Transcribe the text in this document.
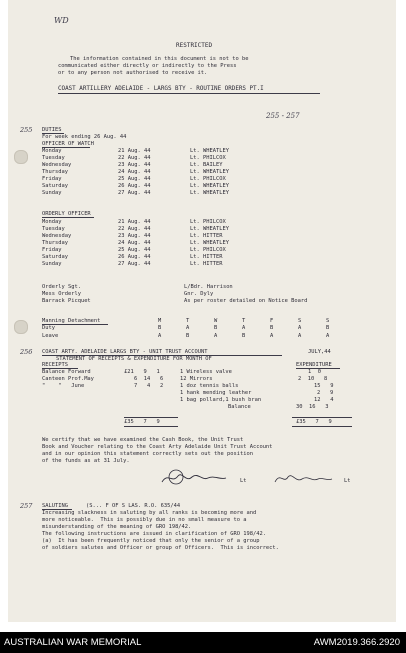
WD
RESTRICTED
The information contained in this document is not to be
communicated either directly or indirectly to the Press
or to any person not authorised to receive it.
COAST ARTILLERY ADELAIDE - LARGS BTY - ROUTINE ORDERS PT.I
255 - 257
255 DUTIES
For week ending 26 Aug. 44
OFFICER OF WATCH
Monday	21 Aug. 44	Lt. WHEATLEY
Tuesday	22 Aug. 44	Lt. PHILCOX
Wednesday	23 Aug. 44	Lt. BAILEY
Thursday	24 Aug. 44	Lt. WHEATLEY
Friday	25 Aug. 44	Lt. PHILCOX
Saturday	26 Aug. 44	Lt. WHEATLEY
Sunday	27 Aug. 44	Lt. WHEATLEY
ORDERLY OFFICER
Monday	21 Aug. 44	Lt. PHILCOX
Tuesday	22 Aug. 44	Lt. WHEATLEY
Wednesday	23 Aug. 44	Lt. HITTER
Thursday	24 Aug. 44	Lt. WHEATLEY
Friday	25 Aug. 44	Lt. PHILCOX
Saturday	26 Aug. 44	Lt. HITTER
Sunday	27 Aug. 44	Lt. HITTER
Orderly Sgt.	L/Bdr. Harrison
Mess Orderly	Gnr. Dyly
Barrack Picquet	As per roster detailed on Notice Board
Manning Detachment	M	T	W	T	F	S	S
Duty	B	A	B	A	B	A	B
Leave	A	B	A	B	A	A	A
256 COAST ARTY. ADELAIDE LARGS BTY - UNIT TRUST ACCOUNT	JULY,44
STATEMENT OF RECEIPTS & EXPENDITURE FOR MONTH OF
RECEIPTS	EXPENDITURE
Balance Forward	£21   9   1
Canteen Prof.May	6  14   6
"    "   June	7   4   2
1 Wireless valve	1  0
12 Mirrors	2  10   8
1 doz tennis balls	15   9
1 hank mending leather	2   9
1 bag pollard,1 bush bran	12   4
Balance	30  16   3
£35   7   9	£35   7   9
We certify that we have examined the Cash Book, the Unit Trust
Book and Voucher relating to the Coast Arty Adelaide Unit Trust Account
and in our opinion this statement correctly sets out the position
of the funds as at 31 July.
Lt	Lt
257 SALUTING	(S... F OF S LAS. R.O. 635/44
Increasing slackness in saluting by all ranks is becoming more and
more noticeable.  This is possibly due in no small measure to a
misunderstanding of the meaning of GRO 198/42.
The following instructions are issued in clarification of GRO 198/42.
(a)  It has been frequently noticed that only the senior of a group
of soldiers salutes and Officer or group of Officers.  This is incorrect.
AUSTRALIAN WAR MEMORIAL	AWM2019.366.2920
